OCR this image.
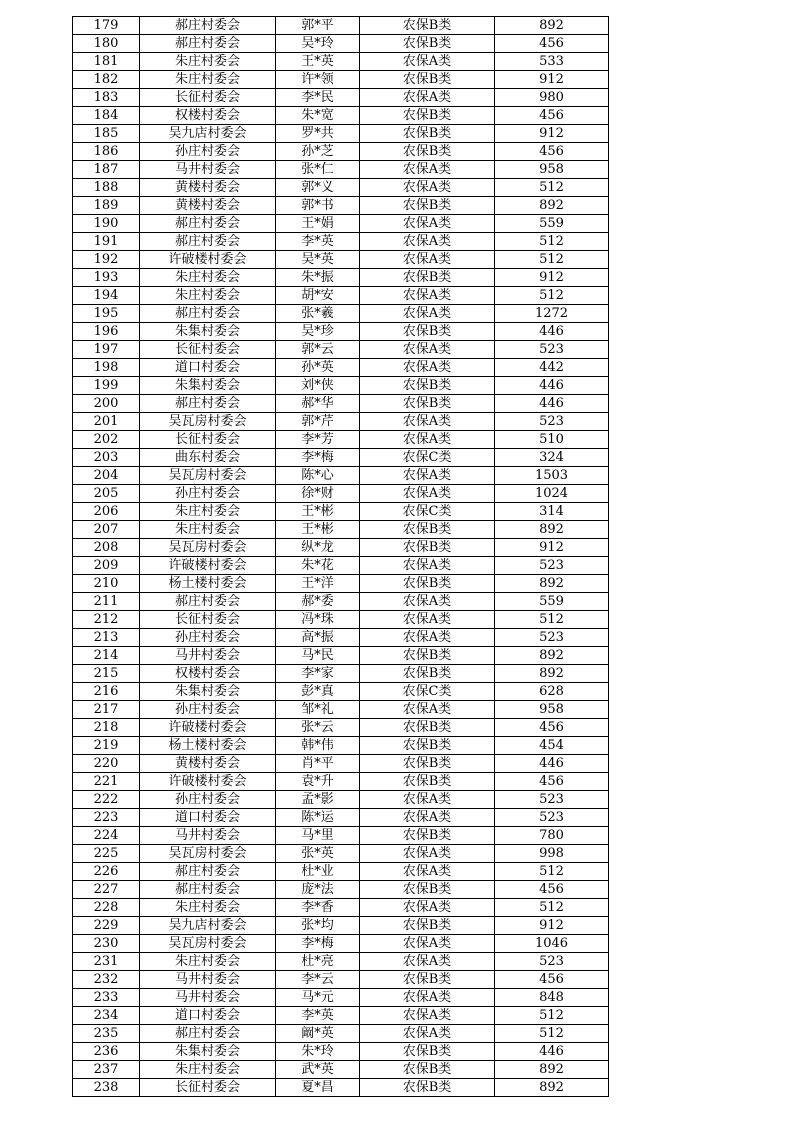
179	郝庄村委会	郭*平	农保B类	892
180	郝庄村委会	吴*玲	农保B类	456
181	朱庄村委会	王*英	农保A类	533
182	朱庄村委会	许*领	农保B类	912
183	长征村委会	李*民	农保A类	980
184	权楼村委会	朱*宽	农保B类	456
185	吴九店村委会	罗*共	农保B类	912
186	孙庄村委会	孙*芝	农保B类	456
187	马井村委会	张*仁	农保A类	958
188	黄楼村委会	郭*义	农保A类	512
189	黄楼村委会	郭*书	农保B类	892
190	郝庄村委会	王*娟	农保A类	559
191	郝庄村委会	李*英	农保A类	512
192	许破楼村委会	吴*英	农保A类	512
193	朱庄村委会	朱*振	农保B类	912
194	朱庄村委会	胡*安	农保A类	512
195	郝庄村委会	张*羲	农保A类	1272
196	朱集村委会	吴*珍	农保B类	446
197	长征村委会	郭*云	农保A类	523
198	道口村委会	孙*英	农保A类	442
199	朱集村委会	刘*侠	农保B类	446
200	郝庄村委会	郝*华	农保B类	446
201	吴瓦房村委会	郭*芹	农保A类	523
202	长征村委会	李*芳	农保A类	510
203	曲东村委会	李*梅	农保C类	324
204	吴瓦房村委会	陈*心	农保A类	1503
205	孙庄村委会	徐*财	农保A类	1024
206	朱庄村委会	王*彬	农保C类	314
207	朱庄村委会	王*彬	农保B类	892
208	吴瓦房村委会	纵*龙	农保B类	912
209	许破楼村委会	朱*花	农保A类	523
210	杨土楼村委会	王*洋	农保B类	892
211	郝庄村委会	郝*委	农保A类	559
212	长征村委会	冯*珠	农保A类	512
213	孙庄村委会	高*振	农保A类	523
214	马井村委会	马*民	农保B类	892
215	权楼村委会	李*家	农保B类	892
216	朱集村委会	彭*真	农保C类	628
217	孙庄村委会	邹*礼	农保A类	958
218	许破楼村委会	张*云	农保B类	456
219	杨土楼村委会	韩*伟	农保B类	454
220	黄楼村委会	肖*平	农保B类	446
221	许破楼村委会	袁*升	农保B类	456
222	孙庄村委会	孟*影	农保A类	523
223	道口村委会	陈*运	农保A类	523
224	马井村委会	马*里	农保B类	780
225	吴瓦房村委会	张*英	农保A类	998
226	郝庄村委会	杜*业	农保A类	512
227	郝庄村委会	庞*法	农保B类	456
228	朱庄村委会	李*香	农保A类	512
229	吴九店村委会	张*均	农保B类	912
230	吴瓦房村委会	李*梅	农保A类	1046
231	朱庄村委会	杜*亮	农保A类	523
232	马井村委会	李*云	农保B类	456
233	马井村委会	马*元	农保A类	848
234	道口村委会	李*英	农保A类	512
235	郝庄村委会	阚*英	农保A类	512
236	朱集村委会	朱*玲	农保B类	446
237	朱庄村委会	武*英	农保B类	892
238	长征村委会	夏*昌	农保B类	892
